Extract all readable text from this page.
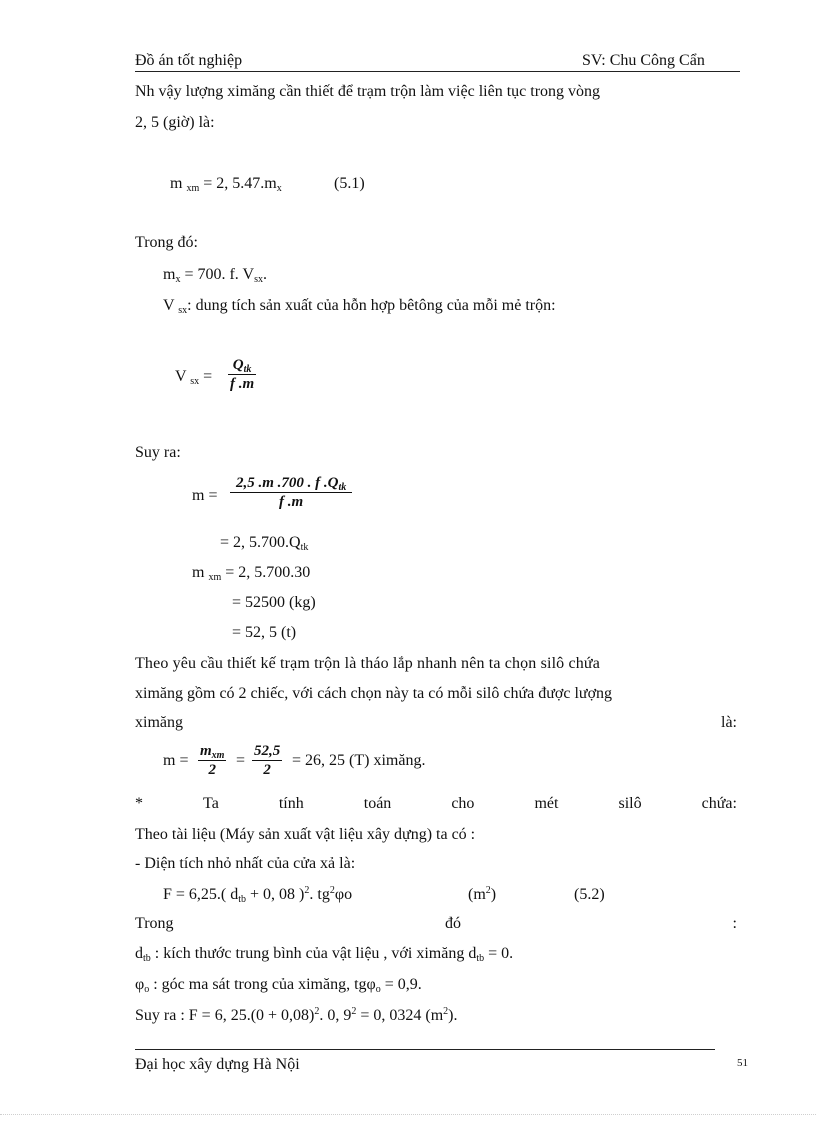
Đồ án tốt nghiệp	SV: Chu Công Cẩn
Nh vậy lượng ximăng cần thiết để trạm trộn làm việc liên tục trong vòng
2, 5 (giờ) là:
m $_{xm}$ = 2, $5.47.m_x$	(5.1)
Trong đó:
$m_x = 700$. f. $V_{sx}$.
V $_{sx}$: dung tích sản xuất của hỗn hợp bêtông của mỗi mẻ trộn:
V $_{sx}$ =
$Q_{tk}$
f .m
Suy ra:
m =
2,5 .m .700 . f $.Q_{tk}$
f .m
= 2, $5.700.Q_{tk}$
m $_{xm}$ = 2, 5.700.30
= 52500 (kg)
= 52, 5 (t)
Theo yêu cầu thiết kế trạm trộn là tháo lắp nhanh nên ta chọn silô chứa
ximăng gồm có 2 chiếc, với cách chọn này ta có mỗi silô chứa được lượng
ximăng	là:
m =
$m_{xm}$
2
= $\frac{52,5}{2} = 26$, 25 (T) ximăng.
*	Ta	tính	toán	cho	mét	silô	chứa:
Theo tài liệu (Máy sản xuất vật liệu xây dựng) ta có :
- Diện tích nhỏ nhất của cửa xả là:
F = 6,25.( $d_{tb} + 0$, 08 )$^2$. $tg^2\varphi o$	$(m^2)$	(5.2)
Trong	đó	:
$d_{tb}$ : kích thước trung bình của vật liệu , với ximăng $d_{tb} = 0$.
$\varphi_o$ : góc ma sát trong của ximăng, tgφ$_o$ = 0,9.
Suy ra : F = 6, $25.(0 + 0,08)^2$. 0, $9^2 = 0$, 0324 $(m^2)$.
Đại học xây dựng Hà Nội	51
